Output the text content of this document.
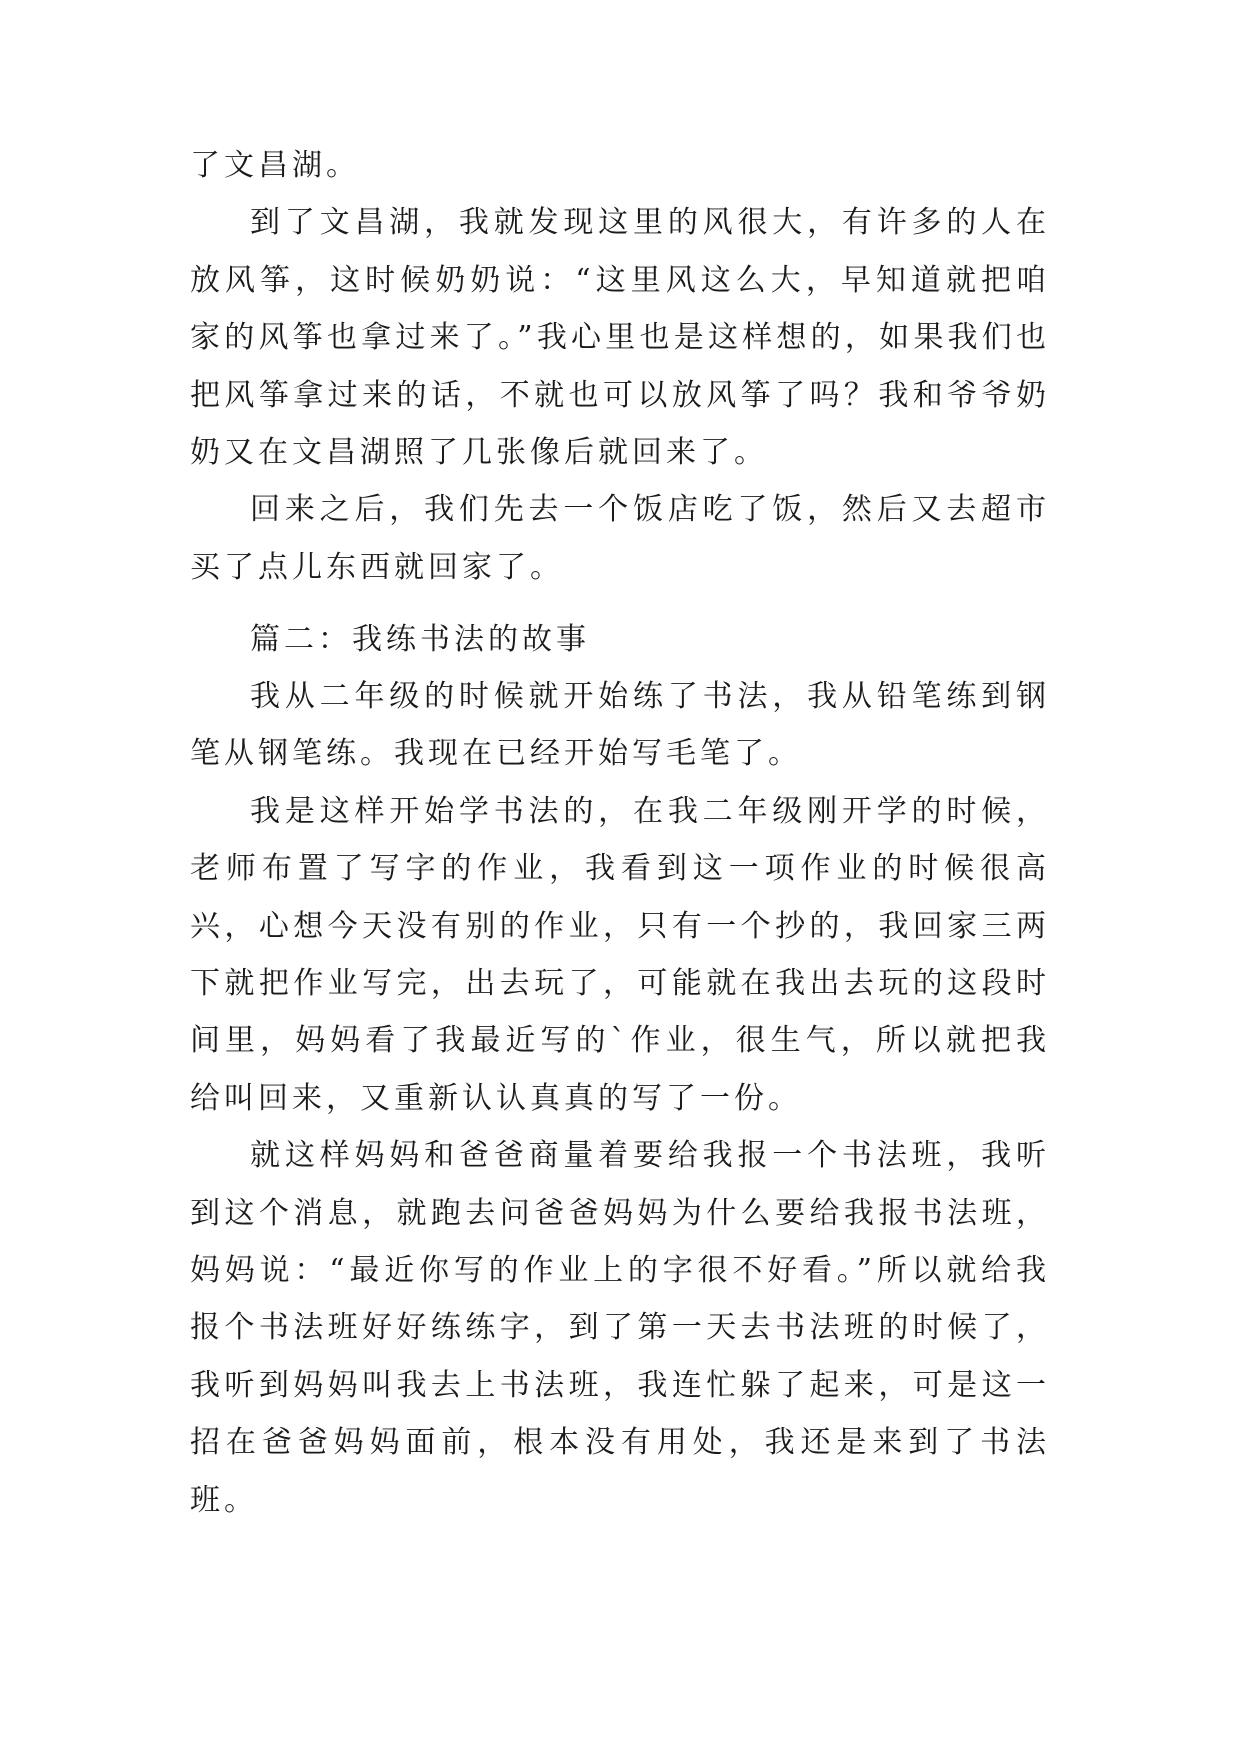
了文昌湖。

到了文昌湖，我就发现这里的风很大，有许多的人在放风筝，这时候奶奶说：“这里风这么大，早知道就把咱家的风筝也拿过来了。”我心里也是这样想的，如果我们也把风筝拿过来的话，不就也可以放风筝了吗？我和爷爷奶奶又在文昌湖照了几张像后就回来了。

回来之后，我们先去一个饭店吃了饭，然后又去超市买了点儿东西就回家了。

篇二：我练书法的故事

我从二年级的时候就开始练了书法，我从铅笔练到钢笔从钢笔练。我现在已经开始写毛笔了。

我是这样开始学书法的，在我二年级刚开学的时候，老师布置了写字的作业，我看到这一项作业的时候很高兴，心想今天没有别的作业，只有一个抄的，我回家三两下就把作业写完，出去玩了，可能就在我出去玩的这段时间里，妈妈看了我最近写的`作业，很生气，所以就把我给叫回来，又重新认认真真的写了一份。

就这样妈妈和爸爸商量着要给我报一个书法班，我听到这个消息，就跑去问爸爸妈妈为什么要给我报书法班，妈妈说：“最近你写的作业上的字很不好看。”所以就给我报个书法班好好练练字，到了第一天去书法班的时候了，我听到妈妈叫我去上书法班，我连忙躲了起来，可是这一招在爸爸妈妈面前，根本没有用处，我还是来到了书法班。
